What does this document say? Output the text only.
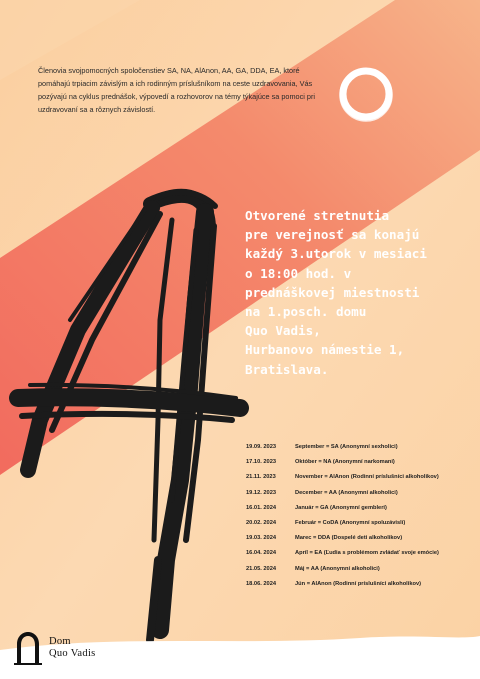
Členovia svojpomocných spoločenstiev SA, NA, AlAnon, AA, GA, DDA, EA, ktoré pomáhajú trpiacim závislým a ich rodinným príslušníkom na ceste uzdravovania, Vás pozývajú na cyklus prednášok, výpovedí a rozhovorov na témy týkajúce sa pomoci pri uzdravovaní sa a rôznych závislostí.
Otvorené stretnutia
pre verejnosť sa konajú
každý 3.utorok v mesiaci
o 18:00 hod. v
prednáškovej miestnosti
na 1.posch. domu
Quo Vadis,
Hurbanovo námestie 1,
Bratislava.
19.09. 2023	September = SA (Anonymní sexholici)
17.10. 2023	Október = NA (Anonymní narkomani)
21.11. 2023	November = AlAnon (Rodinní príslušníci alkoholikov)
19.12. 2023	December = AA (Anonymní alkoholici)
16.01. 2024	Január = GA (Anonymní gembleri)
20.02. 2024	Február = CoDA (Anonymní spoluzávislí)
19.03. 2024	Marec = DDA (Dospelé deti alkoholikov)
16.04. 2024	Apríl = EA (Ľudia s problémom zvládať svoje emócie)
21.05. 2024	Máj = AA (Anonymní alkoholici)
18.06. 2024	Jún = AlAnon (Rodinní príslušníci alkoholikov)
Dom
Quo Vadis
